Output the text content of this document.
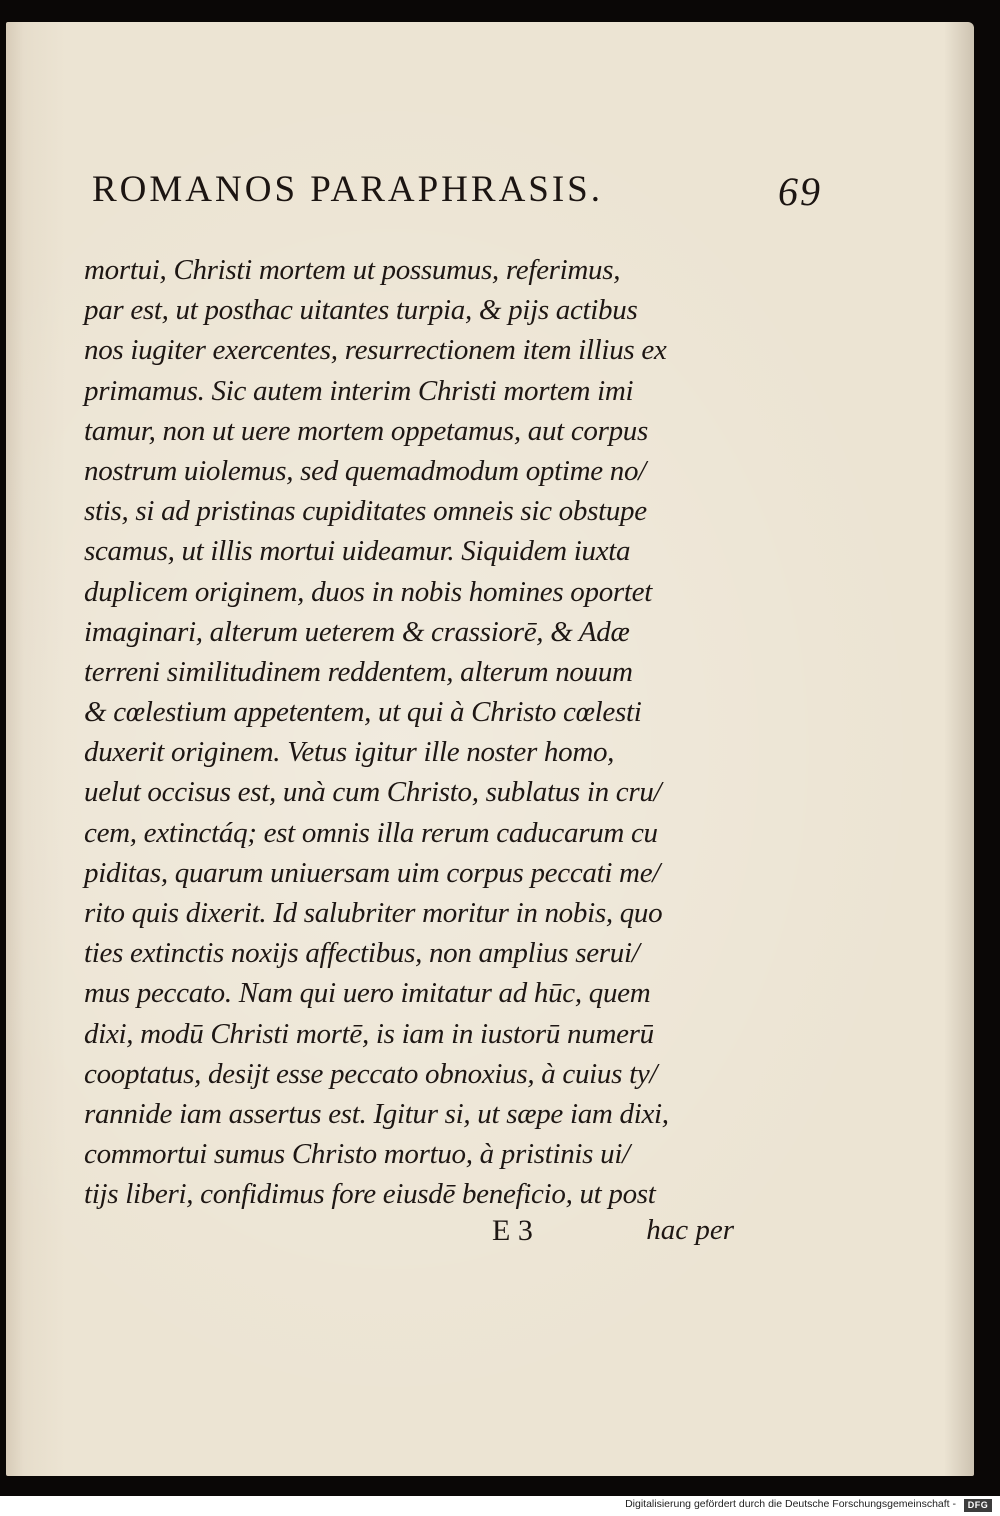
ROMANOS PARAPHRASIS.	69
mortui, Christi mortem ut possumus, referimus,
par est, ut posthac uitantes turpia, & pijs actibus
nos iugiter exercentes, resurrectionem item illius ex
primamus. Sic autem interim Christi mortem imi
tamur, non ut uere mortem oppetamus, aut corpus
nostrum uiolemus, sed quemadmodum optime no/
stis, si ad pristinas cupiditates omneis sic obstupe
scamus, ut illis mortui uideamur. Siquidem iuxta
duplicem originem, duos in nobis homines oportet
imaginari, alterum ueterem & crassiorē, & Adæ
terreni similitudinem reddentem, alterum nouum
& cœlestium appetentem, ut qui à Christo cœlesti
duxerit originem. Vetus igitur ille noster homo,
uelut occisus est, unà cum Christo, sublatus in cru/
cem, extinctáq; est omnis illa rerum caducarum cu
piditas, quarum uniuersam uim corpus peccati me/
rito quis dixerit. Id salubriter moritur in nobis, quo
ties extinctis noxijs affectibus, non amplius serui/
mus peccato. Nam qui uero imitatur ad hūc, quem
dixi, modū Christi mortē, is iam in iustorū numerū
cooptatus, desijt esse peccato obnoxius, à cuius ty/
rannide iam assertus est. Igitur si, ut sæpe iam dixi,
commortui sumus Christo mortuo, à pristinis ui/
tijs liberi, confidimus fore eiusdē beneficio, ut post
E 3	hac per
Digitalisierung gefördert durch die Deutsche Forschungsgemeinschaft -	DFG
